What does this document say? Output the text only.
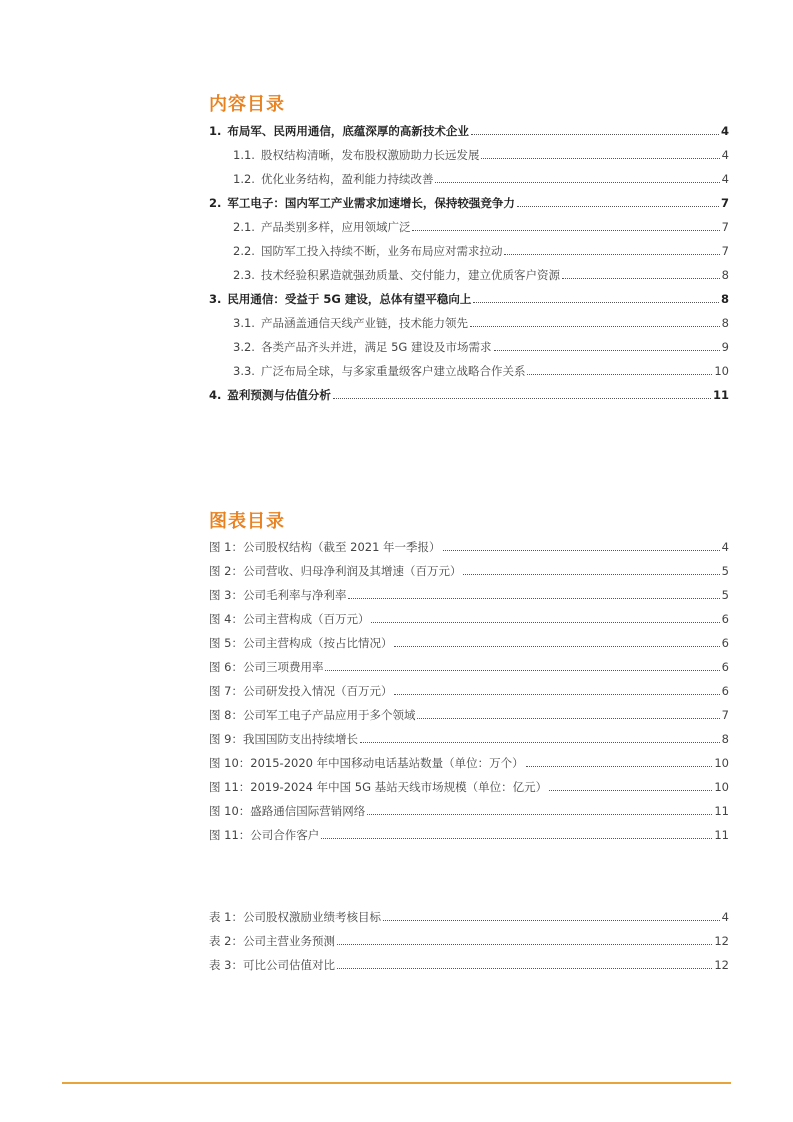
内容目录
1. 布局军、民两用通信，底蕴深厚的高新技术企业	4
1.1. 股权结构清晰，发布股权激励助力长远发展	4
1.2. 优化业务结构，盈利能力持续改善	4
2. 军工电子：国内军工产业需求加速增长，保持较强竞争力	7
2.1. 产品类别多样，应用领域广泛	7
2.2. 国防军工投入持续不断，业务布局应对需求拉动	7
2.3. 技术经验积累造就强劲质量、交付能力，建立优质客户资源	8
3. 民用通信：受益于 5G 建设，总体有望平稳向上	8
3.1. 产品涵盖通信天线产业链，技术能力领先	8
3.2. 各类产品齐头并进，满足 5G 建设及市场需求	9
3.3. 广泛布局全球，与多家重量级客户建立战略合作关系	10
4. 盈利预测与估值分析	11
图表目录
图 1：公司股权结构（截至 2021 年一季报）	4
图 2：公司营收、归母净利润及其增速（百万元）	5
图 3：公司毛利率与净利率	5
图 4：公司主营构成（百万元）	6
图 5：公司主营构成（按占比情况）	6
图 6：公司三项费用率	6
图 7：公司研发投入情况（百万元）	6
图 8：公司军工电子产品应用于多个领域	7
图 9：我国国防支出持续增长	8
图 10：2015-2020 年中国移动电话基站数量（单位：万个）	10
图 11：2019-2024 年中国 5G 基站天线市场规模（单位：亿元）	10
图 10：盛路通信国际营销网络	11
图 11：公司合作客户	11
表 1：公司股权激励业绩考核目标	4
表 2：公司主营业务预测	12
表 3：可比公司估值对比	12
